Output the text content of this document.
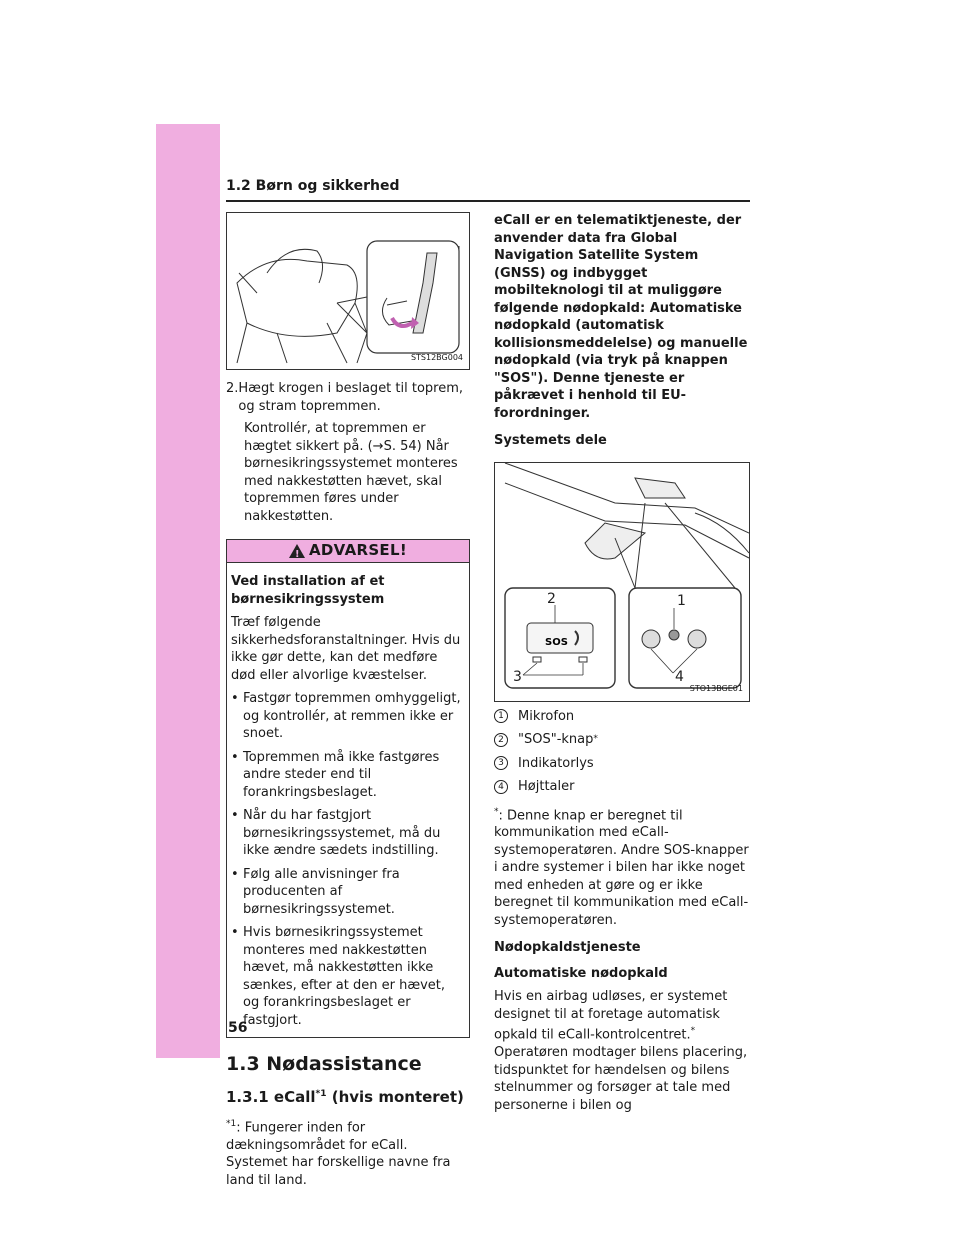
1.2 Børn og sikkerhed
STS12BG004
2. Hægt krogen i beslaget til toprem, og stram topremmen.

Kontrollér, at topremmen er hægtet sikkert på. (→S. 54) Når børnesikringssystemet monteres med nakkestøtten hævet, skal topremmen føres under nakkestøtten.

!
ADVARSEL!

Ved installation af et børnesikringssystem

Træf følgende sikkerhedsforanstaltninger. Hvis du ikke gør dette, kan det medføre død eller alvorlige kvæstelser.

• Fastgør topremmen omhyggeligt, og kontrollér, at remmen ikke er snoet.
• Topremmen må ikke fastgøres andre steder end til forankringsbeslaget.
• Når du har fastgjort børnesikringssystemet, må du ikke ændre sædets indstilling.
• Følg alle anvisninger fra producenten af børnesikringssystemet.
• Hvis børnesikringssystemet monteres med nakkestøtten hævet, må nakkestøtten ikke sænkes, efter at den er hævet, og forankringsbeslaget er fastgjort.
1.3 Nødassistance
1.3.1 eCall$^{*1}$ (hvis monteret)

$^{*1}$: Fungerer inden for dækningsområdet for eCall. Systemet har forskellige navne fra land til land.

eCall er en telematiktjeneste, der anvender data fra Global Navigation Satellite System (GNSS) og indbygget mobilteknologi til at muliggøre følgende nødopkald: Automatiske nødopkald (automatisk kollisionsmeddelelse) og manuelle nødopkald (via tryk på knappen "SOS"). Denne tjeneste er påkrævet i henhold til EU-forordninger.

Systemets dele

SOS
1
2
3	4
STO13BGE01
1	Mikrofon
2	"SOS"-knap *
3	Indikatorlys
4	Højttaler

*: Denne knap er beregnet til kommunikation med eCall-systemoperatøren. Andre SOS-knapper i andre systemer i bilen har ikke noget med enheden at gøre og er ikke beregnet til kommunikation med eCall-systemoperatøren.

Nødopkaldstjeneste

Automatiske nødopkald

Hvis en airbag udløses, er systemet designet til at foretage automatisk opkald til eCall-kontrolcentret.* Operatøren modtager bilens placering, tidspunktet for hændelsen og bilens stelnummer og forsøger at tale med personerne i bilen og

56
